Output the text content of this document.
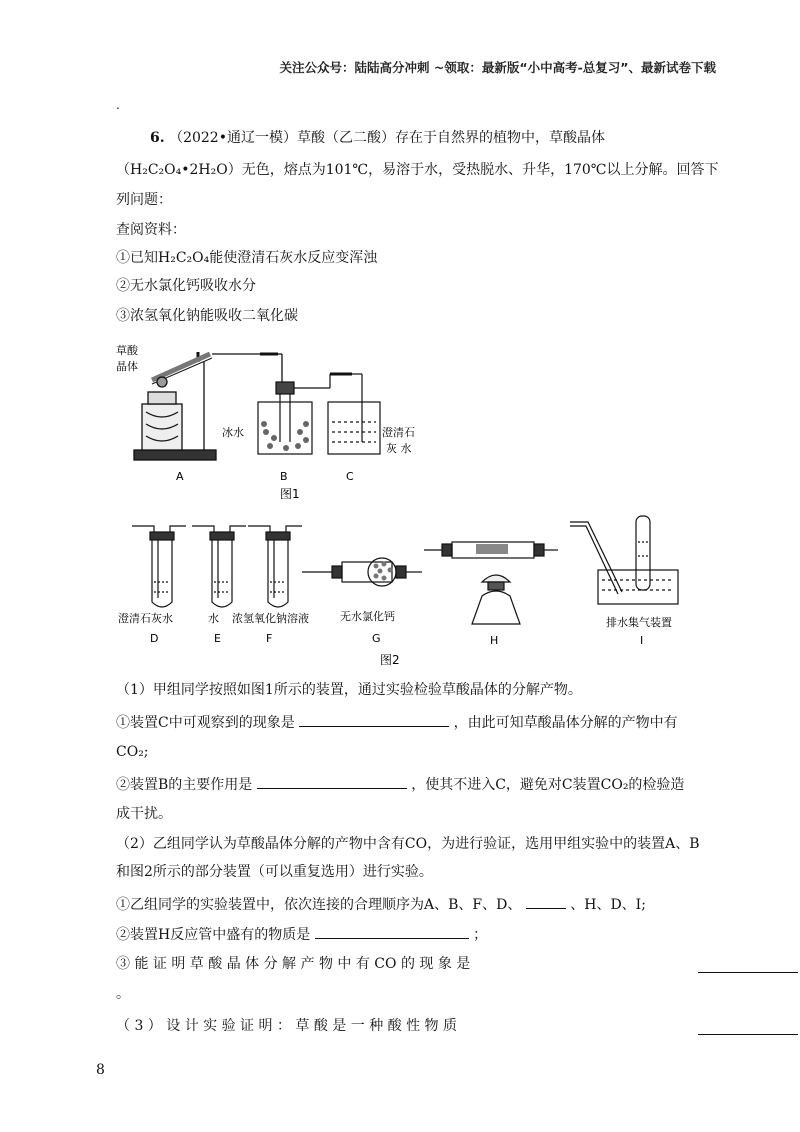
关注公众号：陆陆高分冲刺 ~领取：最新版“小中高考-总复习”、最新试卷下载
.
6. （2022•通辽一模）草酸（乙二酸）存在于自然界的植物中，草酸晶体
（H₂C₂O₄•2H₂O）无色，熔点为101℃，易溶于水，受热脱水、升华，170℃以上分解。回答下
列问题：
查阅资料：
①已知H₂C₂O₄能使澄清石灰水反应变浑浊
②无水氯化钙吸收水分
③浓氢氧化钠能吸收二氧化碳
草酸
晶体
冰水	澄清石
灰 水
A	B	C
图1
澄清石灰水	水 浓氢氧化钠溶液	无水氯化钙	排水集气装置
D	E	F	G	H	I
图2
（1）甲组同学按照如图1所示的装置，通过实验检验草酸晶体的分解产物。
①装置C中可观察到的现象是	，由此可知草酸晶体分解的产物中有
CO₂;
②装置B的主要作用是	，使其不进入C，避免对C装置CO₂的检验造
成干扰。
（2）乙组同学认为草酸晶体分解的产物中含有CO，为进行验证，选用甲组实验中的装置A、B
和图2所示的部分装置（可以重复选用）进行实验。
①乙组同学的实验装置中，依次连接的合理顺序为A、B、F、D、	、H、D、I;
②装置H反应管中盛有的物质是	；
③ 能 证 明 草 酸 晶 体 分 解 产 物 中 有 CO 的 现 象 是
。
（ 3 ） 设 计 实 验 证 明 ： 草 酸 是 一 种 酸 性 物 质
8
